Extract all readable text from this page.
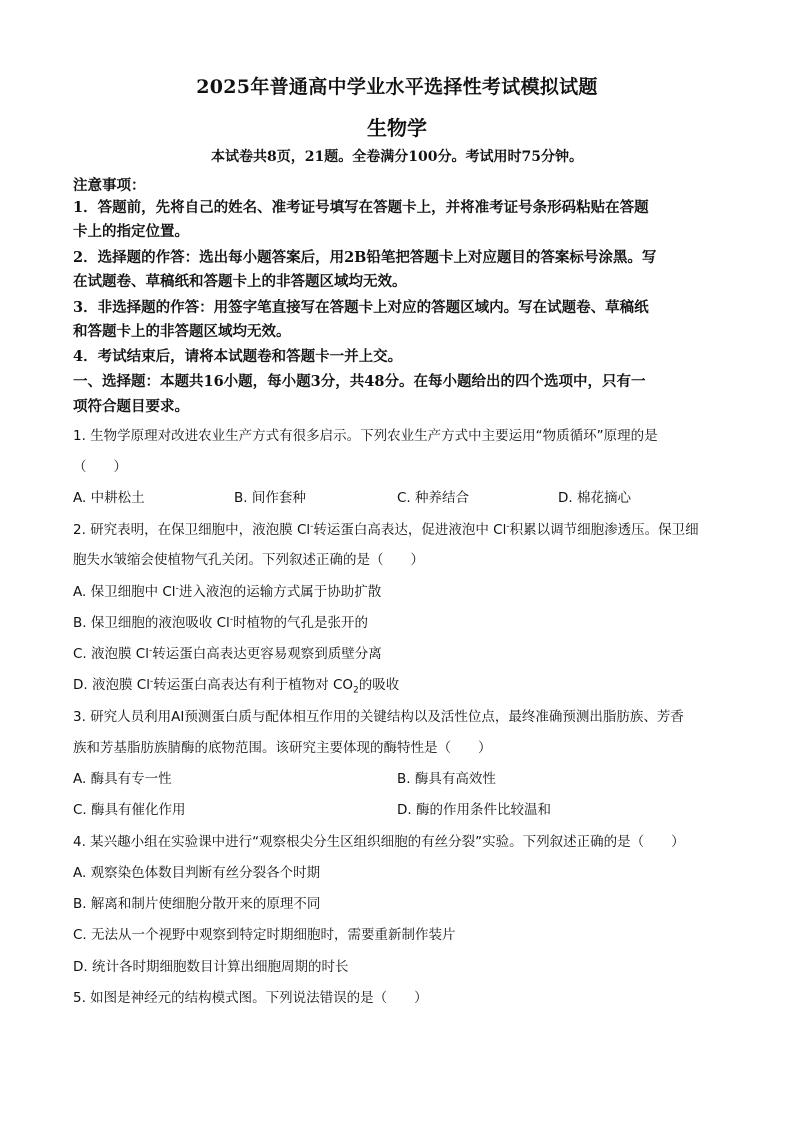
2025年普通高中学业水平选择性考试模拟试题
生物学
本试卷共8页，21题。全卷满分100分。考试用时75分钟。
注意事项：
1．答题前，先将自己的姓名、准考证号填写在答题卡上，并将准考证号条形码粘贴在答题
卡上的指定位置。
2．选择题的作答：选出每小题答案后，用2B铅笔把答题卡上对应题目的答案标号涂黑。写
在试题卷、草稿纸和答题卡上的非答题区域均无效。
3．非选择题的作答：用签字笔直接写在答题卡上对应的答题区域内。写在试题卷、草稿纸
和答题卡上的非答题区域均无效。
4．考试结束后，请将本试题卷和答题卡一并上交。
一、选择题：本题共16小题，每小题3分，共48分。在每小题给出的四个选项中，只有一
项符合题目要求。
1. 生物学原理对改进农业生产方式有很多启示。下列农业生产方式中主要运用“物质循环”原理的是
（　　）
A. 中耕松土	B. 间作套种	C. 种养结合	D. 棉花摘心
2. 研究表明，在保卫细胞中，液泡膜 Cl-转运蛋白高表达，促进液泡中 Cl-积累以调节细胞渗透压。保卫细
胞失水皱缩会使植物气孔关闭。下列叙述正确的是（　　）
A. 保卫细胞中 Cl-进入液泡的运输方式属于协助扩散
B. 保卫细胞的液泡吸收 Cl-时植物的气孔是张开的
C. 液泡膜 Cl-转运蛋白高表达更容易观察到质壁分离
D. 液泡膜 Cl-转运蛋白高表达有利于植物对 $CO_2$的吸收
3. 研究人员利用AI预测蛋白质与配体相互作用的关键结构以及活性位点，最终准确预测出脂肪族、芳香
族和芳基脂肪族腈酶的底物范围。该研究主要体现的酶特性是（　　）
A. 酶具有专一性	B. 酶具有高效性
C. 酶具有催化作用	D. 酶的作用条件比较温和
4. 某兴趣小组在实验课中进行“观察根尖分生区组织细胞的有丝分裂”实验。下列叙述正确的是（　　）
A. 观察染色体数目判断有丝分裂各个时期
B. 解离和制片使细胞分散开来的原理不同
C. 无法从一个视野中观察到特定时期细胞时，需要重新制作装片
D. 统计各时期细胞数目计算出细胞周期的时长
5. 如图是神经元的结构模式图。下列说法错误的是（　　）
